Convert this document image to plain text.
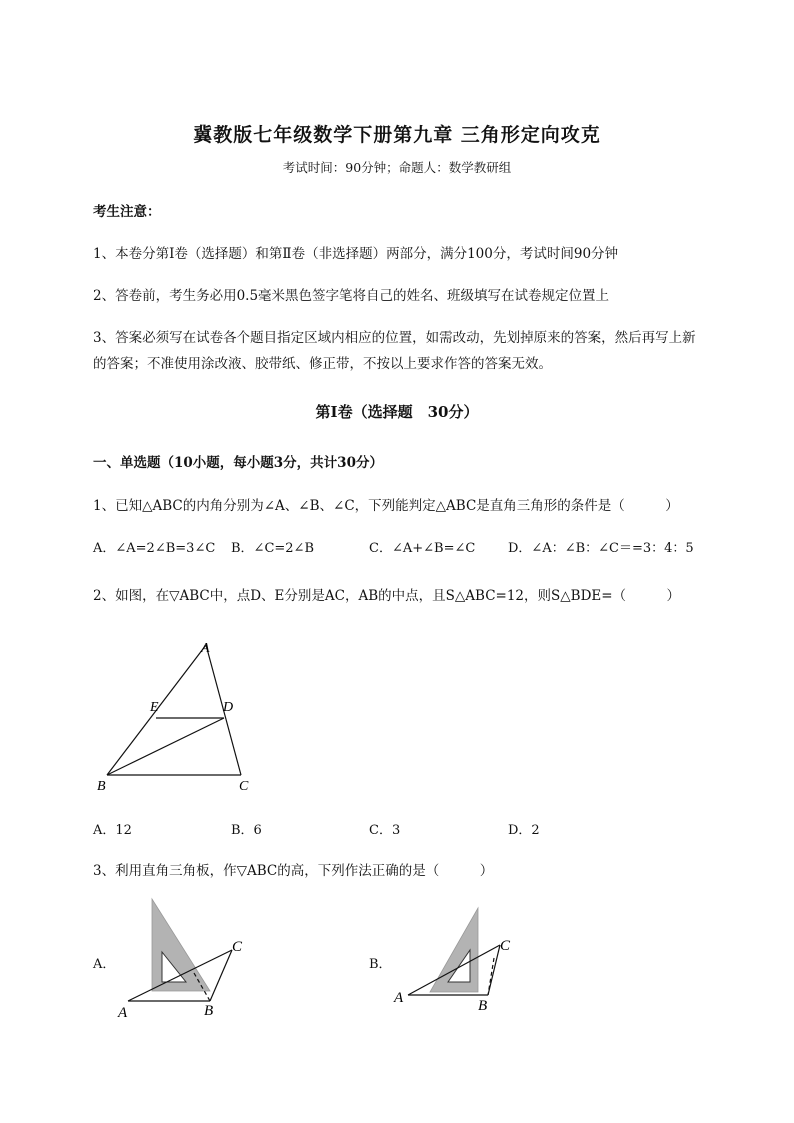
冀教版七年级数学下册第九章 三角形定向攻克
考试时间：90分钟；命题人：数学教研组
考生注意：
1、本卷分第I卷（选择题）和第Ⅱ卷（非选择题）两部分，满分100分，考试时间90分钟
2、答卷前，考生务必用0.5毫米黑色签字笔将自己的姓名、班级填写在试卷规定位置上
3、答案必须写在试卷各个题目指定区域内相应的位置，如需改动，先划掉原来的答案，然后再写上新
的答案；不准使用涂改液、胶带纸、修正带，不按以上要求作答的答案无效。
第I卷（选择题　30分）
一、单选题（10小题，每小题3分，共计30分）
1、已知△ABC的内角分别为∠A、∠B、∠C，下列能判定△ABC是直角三角形的条件是（　　　）
A．∠A=2∠B=3∠C B．∠C=2∠B	C．∠A+∠B=∠C	D．∠A：∠B：∠C＝=3：4：5
2、如图，在▽ABC中，点D、E分别是AC，AB的中点，且S△ABC=12，则S△BDE=（　　　）
A
E	D
B	C
A．12	B．6	C．3	D．2
3、利用直角三角板，作▽ABC的高，下列作法正确的是（　　　）
A．
C
A	B
B．
C
A	B
